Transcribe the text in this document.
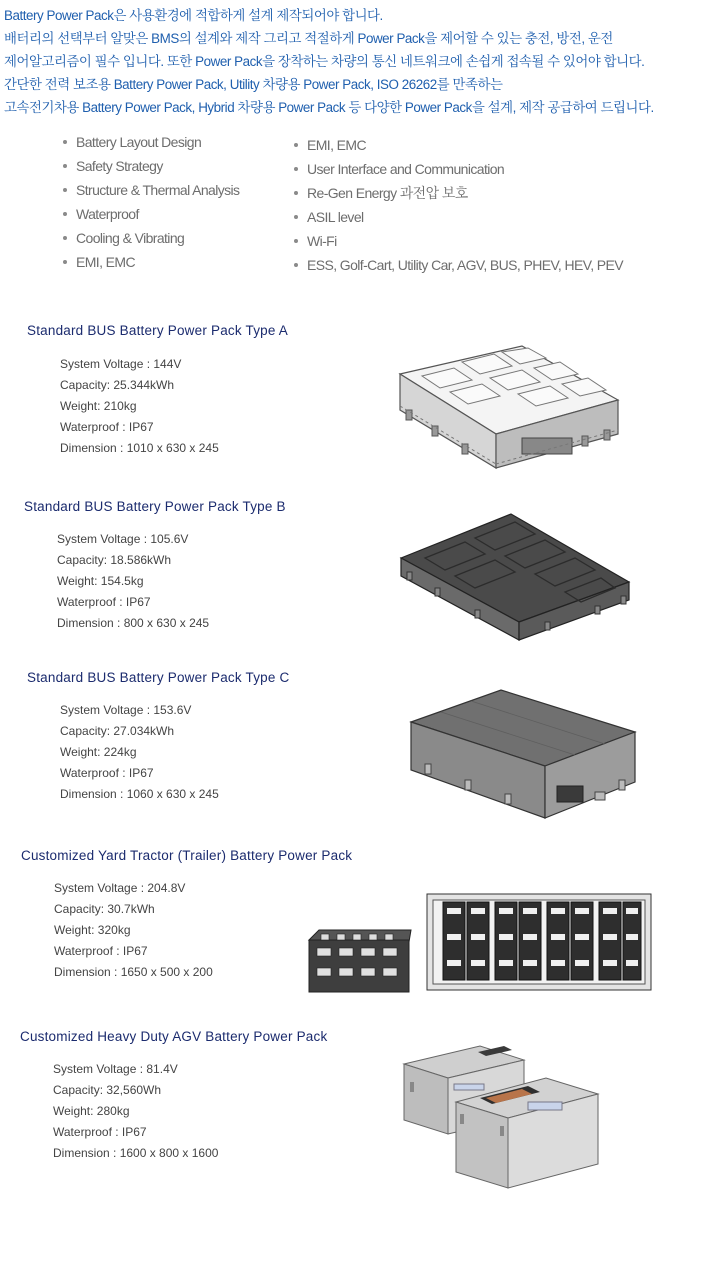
Battery Power Pack은 사용환경에 적합하게 설계 제작되어야 합니다.
배터리의 선택부터 알맞은 BMS의 설계와 제작 그리고 적절하게 Power Pack을 제어할 수 있는 충전, 방전, 운전
제어알고리즘이 필수 입니다. 또한 Power Pack을 장착하는 차량의 통신 네트워크에 손쉽게 접속될 수 있어야 합니다.
간단한 전력 보조용 Battery Power Pack, Utility 차량용 Power Pack, ISO 26262를 만족하는
고속전기차용 Battery Power Pack, Hybrid 차량용 Power Pack 등 다양한 Power Pack을 설계, 제작 공급하여 드립니다.
Battery Layout Design
Safety Strategy
Structure & Thermal Analysis
Waterproof
Cooling & Vibrating
EMI, EMC
EMI, EMC
User Interface and Communication
Re-Gen Energy 과전압 보호
ASIL level
Wi-Fi
ESS, Golf-Cart, Utility Car, AGV, BUS, PHEV, HEV, PEV
Standard BUS Battery Power Pack Type A
System Voltage : 144V
Capacity: 25.344kWh
Weight: 210kg
Waterproof : IP67
Dimension : 1010 x 630 x 245
Standard BUS Battery Power Pack Type B
System Voltage : 105.6V
Capacity: 18.586kWh
Weight: 154.5kg
Waterproof : IP67
Dimension : 800 x 630 x 245
Standard BUS Battery Power Pack Type C
System Voltage : 153.6V
Capacity: 27.034kWh
Weight: 224kg
Waterproof : IP67
Dimension : 1060 x 630 x 245
Customized Yard Tractor (Trailer) Battery Power Pack
System Voltage : 204.8V
Capacity: 30.7kWh
Weight: 320kg
Waterproof : IP67
Dimension : 1650 x 500 x 200
Customized Heavy Duty AGV Battery Power Pack
System Voltage : 81.4V
Capacity: 32,560Wh
Weight: 280kg
Waterproof : IP67
Dimension : 1600 x 800 x 1600
